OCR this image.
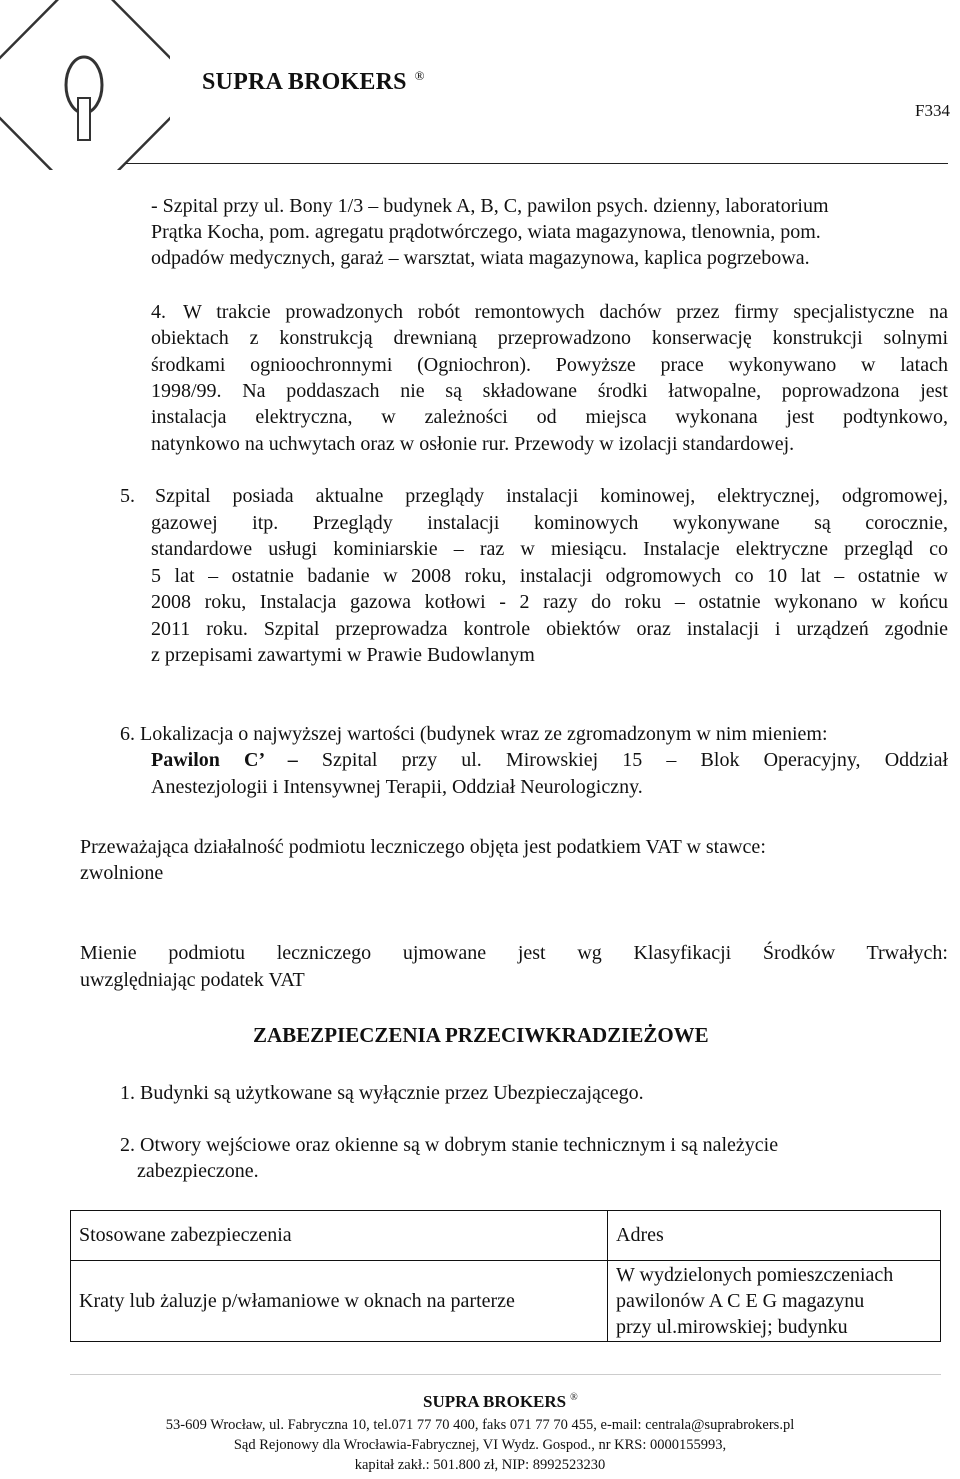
SUPRA BROKERS ®
F334
- Szpital przy ul. Bony 1/3 – budynek A, B, C, pawilon psych. dzienny, laboratorium
Prątka Kocha, pom. agregatu prądotwórczego, wiata magazynowa, tlenownia, pom.
odpadów medycznych, garaż – warsztat, wiata magazynowa, kaplica pogrzebowa.
4. W trakcie prowadzonych robót remontowych dachów przez firmy specjalistyczne na
obiektach z konstrukcją drewnianą przeprowadzono konserwację konstrukcji solnymi
środkami ognioochronnymi (Ogniochron). Powyższe prace wykonywano w latach
1998/99. Na poddaszach nie są składowane środki łatwopalne, poprowadzona jest
instalacja elektryczna, w zależności od miejsca wykonana jest podtynkowo,
natynkowo na uchwytach oraz w osłonie rur. Przewody w izolacji standardowej.
5. Szpital posiada aktualne przeglądy instalacji kominowej, elektrycznej, odgromowej,
gazowej itp. Przeglądy instalacji kominowych wykonywane są corocznie,
standardowe usługi kominiarskie – raz w miesiącu. Instalacje elektryczne przegląd co
5 lat – ostatnie badanie w 2008 roku, instalacji odgromowych co 10 lat – ostatnie w
2008 roku, Instalacja gazowa kotłowi - 2 razy do roku – ostatnie wykonano w końcu
2011 roku. Szpital przeprowadza kontrole obiektów oraz instalacji i urządzeń zgodnie
z przepisami zawartymi w Prawie Budowlanym
6. Lokalizacja o najwyższej wartości (budynek wraz ze zgromadzonym w nim mieniem:
Pawilon C’ – Szpital przy ul. Mirowskiej 15 – Blok Operacyjny, Oddział
Anestezjologii i Intensywnej Terapii, Oddział Neurologiczny.
Przeważająca działalność podmiotu leczniczego objęta jest podatkiem VAT w stawce:
zwolnione
Mienie podmiotu leczniczego ujmowane jest wg Klasyfikacji Środków Trwałych:
uwzględniając podatek VAT
ZABEZPIECZENIA PRZECIWKRADZIEŻOWE
1. Budynki są użytkowane są wyłącznie przez Ubezpieczającego.
2. Otwory wejściowe oraz okienne są w dobrym stanie technicznym i są należycie
zabezpieczone.
Stosowane zabezpieczenia	Adres
Kraty lub żaluzje p/włamaniowe w oknach na parterze	W wydzielonych pomieszczeniach
pawilonów A C E G magazynu
przy ul.mirowskiej; budynku
SUPRA BROKERS ®
53-609 Wrocław, ul. Fabryczna 10, tel.071 77 70 400, faks 071 77 70 455, e-mail: centrala@suprabrokers.pl
Sąd Rejonowy dla Wrocławia-Fabrycznej, VI Wydz. Gospod., nr KRS: 0000155993,
kapitał zakł.: 501.800 zł, NIP: 8992523230
